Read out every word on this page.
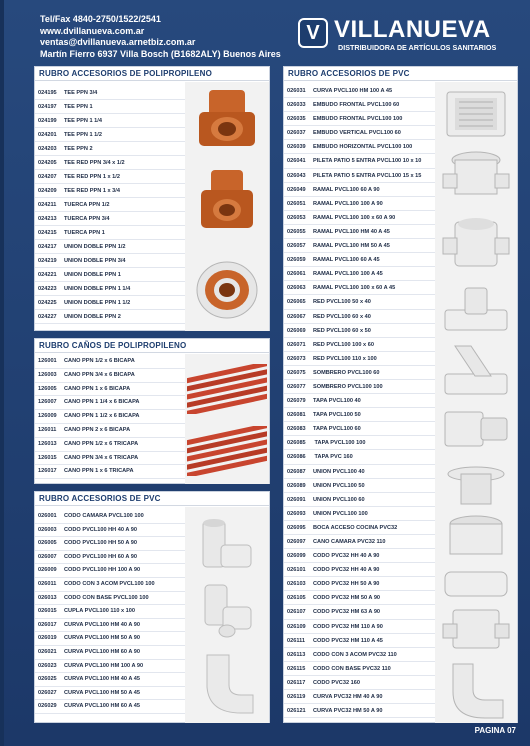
Tel/Fax 4840-2750/1522/2541
www.dvillanueva.com.ar
ventas@dvillanueva.arnetbiz.com.ar
Martín Fierro 6937 Villa Bosch (B1682ALY) Buenos Aires
V VILLANUEVA
DISTRIBUIDORA DE ARTÍCULOS SANITARIOS
RUBRO ACCESORIOS DE POLIPROPILENO
024195 TEE PPN 3/4
024197 TEE PPN 1
024199 TEE PPN 1 1/4
024201 TEE PPN 1 1/2
024203 TEE PPN 2
024205 TEE RED PPN 3/4 x 1/2
024207 TEE RED PPN 1 x 1/2
024209 TEE RED PPN 1 x 3/4
024211 TUERCA PPN 1/2
024213 TUERCA PPN 3/4
024215 TUERCA PPN 1
024217 UNION DOBLE PPN 1/2
024219 UNION DOBLE PPN 3/4
024221 UNION DOBLE PPN 1
024223 UNION DOBLE PPN 1 1/4
024225 UNION DOBLE PPN 1 1/2
024227 UNION DOBLE PPN 2
RUBRO CAÑOS DE POLIPROPILENO
126001 CANO PPN 1/2 x 6 BICAPA
126003 CANO PPN 3/4 x 6 BICAPA
126005 CANO PPN 1 x 6 BICAPA
126007 CANO PPN 1 1/4 x 6 BICAPA
126009 CANO PPN 1 1/2 x 6 BICAPA
126011 CANO PPN 2 x 6 BICAPA
126013 CANO PPN 1/2 x 6 TRICAPA
126015 CANO PPN 3/4 x 6 TRICAPA
126017 CANO PPN 1 x 6 TRICAPA
RUBRO ACCESORIOS DE PVC
026001 CODO CAMARA PVCL100 100
026003 CODO PVCL100 HH 40 A 90
026005 CODO PVCL100 HH 50 A 90
026007 CODO PVCL100 HH 60 A 90
026009 CODO PVCL100 HH 100 A 90
026011 CODO CON 3 ACOM PVCL100 100
026013 CODO CON BASE PVCL100 100
026015 CUPLA PVCL100 110 x 100
026017 CURVA PVCL100 HM 40 A 90
026019 CURVA PVCL100 HM 50 A 90
026021 CURVA PVCL100 HM 60 A 90
026023 CURVA PVCL100 HM 100 A 90
026025 CURVA PVCL100 HM 40 A 45
026027 CURVA PVCL100 HM 50 A 45
026029 CURVA PVCL100 HM 60 A 45
RUBRO ACCESORIOS DE PVC
026031 CURVA PVCL100 HM 100 A 45
026033 EMBUDO FRONTAL PVCL100 60
026035 EMBUDO FRONTAL PVCL100 100
026037 EMBUDO VERTICAL PVCL100 60
026039 EMBUDO HORIZONTAL PVCL100 100
026041 PILETA PATIO 5 ENTRA PVCL100 10 x 10
026043 PILETA PATIO 5 ENTRA PVCL100 15 x 15
026049 RAMAL PVCL100 60 A 90
026051 RAMAL PVCL100 100 A 90
026053 RAMAL PVCL100 100 x 60 A 90
026055 RAMAL PVCL100 HM 40 A 45
026057 RAMAL PVCL100 HM 50 A 45
026059 RAMAL PVCL100 60 A 45
026061 RAMAL PVCL100 100 A 45
026063 RAMAL PVCL100 100 x 60 A 45
026065 RED PVCL100 50 x 40
026067 RED PVCL100 60 x 40
026069 RED PVCL100 60 x 50
026071 RED PVCL100 100 x 60
026073 RED PVCL100 110 x 100
026075 SOMBRERO PVCL100 60
026077 SOMBRERO PVCL100 100
026079 TAPA PVCL100 40
026081 TAPA PVCL100 50
026083 TAPA PVCL100 60
026085 TAPA PVCL100 100
026086 TAPA PVC 160
026087 UNION PVCL100 40
026089 UNION PVCL100 50
026091 UNION PVCL100 60
026093 UNION PVCL100 100
026095 BOCA ACCESO COCINA PVC32
026097 CANO CAMARA PVC32 110
026099 CODO PVC32 HH 40 A 90
026101 CODO PVC32 HH 40 A 90
026103 CODO PVC32 HH 50 A 90
026105 CODO PVC32 HM 50 A 90
026107 CODO PVC32 HM 63 A 90
026109 CODO PVC32 HM 110 A 90
026111 CODO PVC32 HM 110 A 45
026113 CODO CON 3 ACOM PVC32 110
026115 CODO CON BASE PVC32 110
026117 CODO PVC32 160
026119 CURVA PVC32 HM 40 A 90
026121 CURVA PVC32 HM 50 A 90
PAGINA 07
